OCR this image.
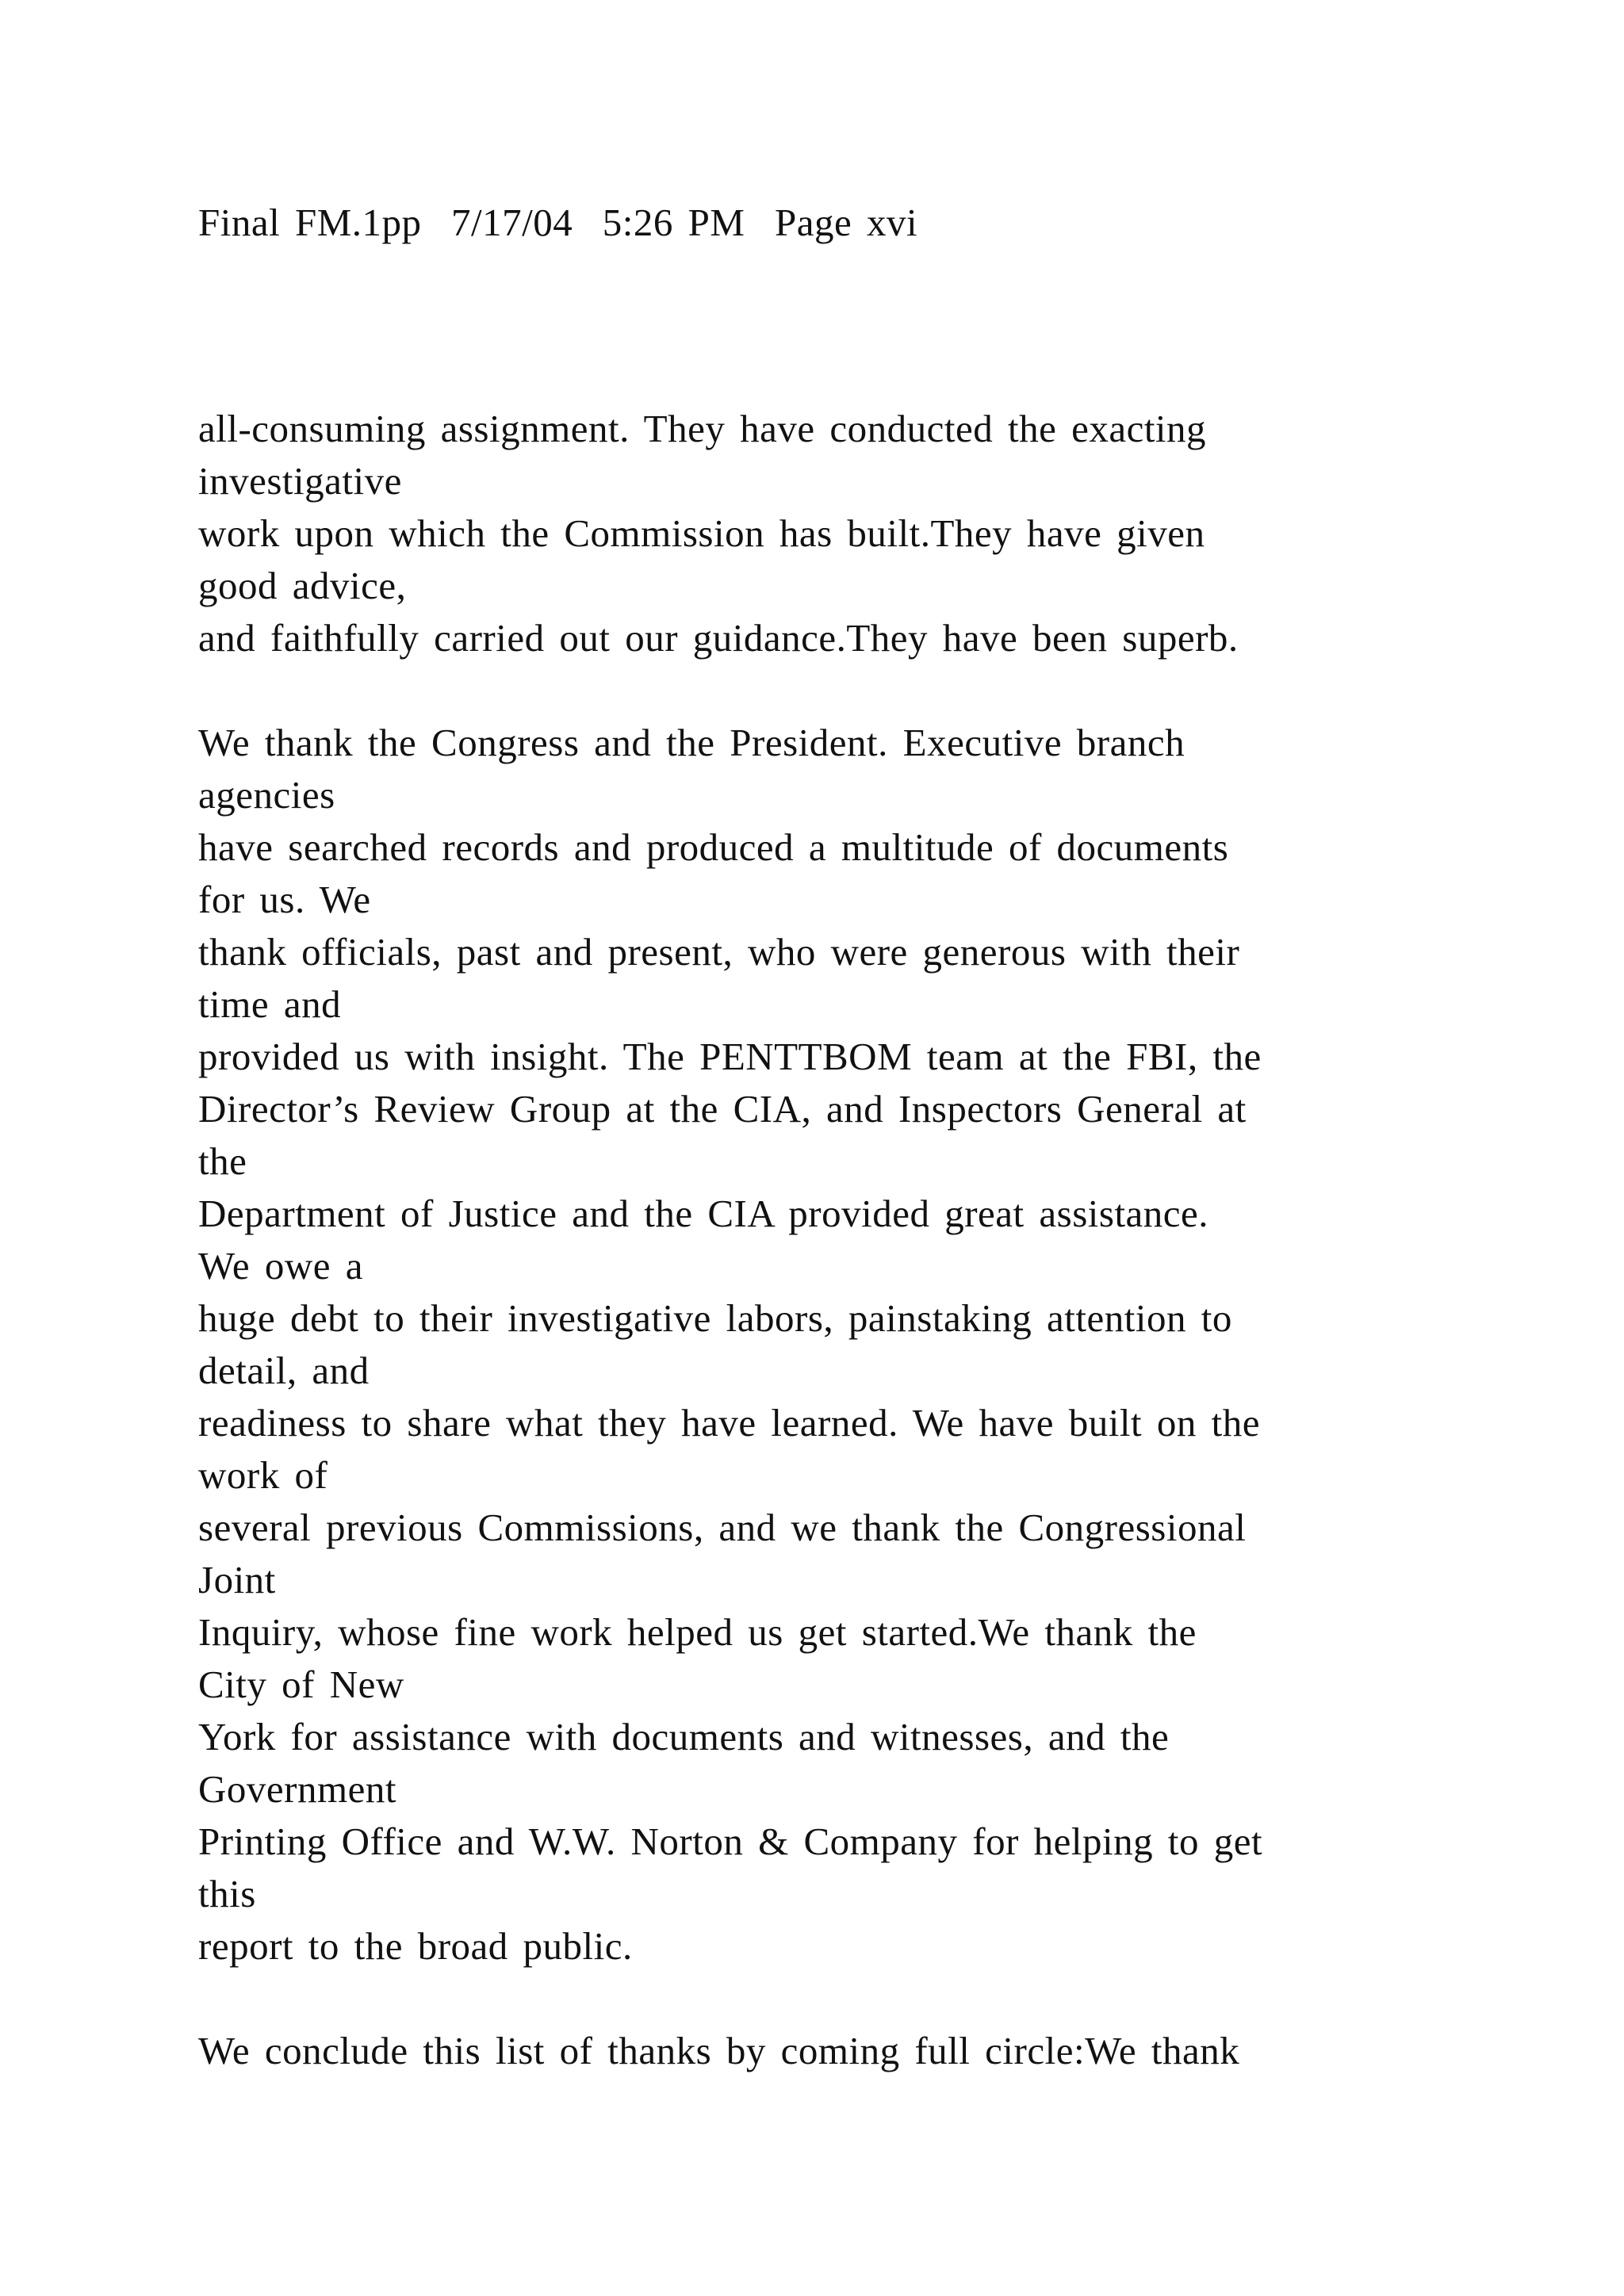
Final FM.1pp  7/17/04  5:26 PM  Page xvi
all-consuming assignment. They have conducted the exacting
investigative
work upon which the Commission has built.They have given
good advice,
and faithfully carried out our guidance.They have been superb.
We thank the Congress and the President. Executive branch
agencies
have searched records and produced a multitude of documents
for us. We
thank officials, past and present, who were generous with their
time and
provided us with insight. The PENTTBOM team at the FBI, the
Director’s Review Group at the CIA, and Inspectors General at
the
Department of Justice and the CIA provided great assistance.
We owe a
huge debt to their investigative labors, painstaking attention to
detail, and
readiness to share what they have learned. We have built on the
work of
several previous Commissions, and we thank the Congressional
Joint
Inquiry, whose fine work helped us get started.We thank the
City of New
York for assistance with documents and witnesses, and the
Government
Printing Office and W.W. Norton & Company for helping to get
this
report to the broad public.
We conclude this list of thanks by coming full circle:We thank
